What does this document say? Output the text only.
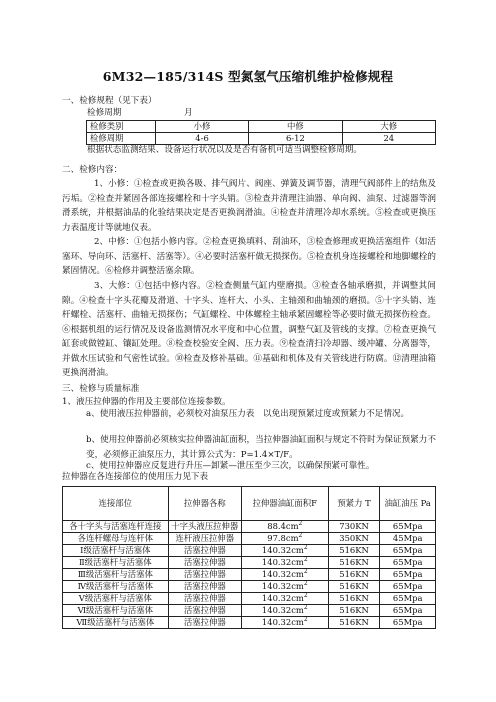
6M32—185/314S 型氮氢气压缩机维护检修规程
一、检修规程（见下表）
检修周期	月
检修类别	小修	中修	大修
检修周期	4-6	6-12	24
根据状态监测结果、设备运行状况以及是否有备机可适当调整检修周期。
二、检修内容：
1、小修：①检查或更换各吸、排气阀片、阀座、弹簧及调节器，清理气阀部件上的结焦及污垢。②检查并紧固各部连接螺栓和十字头销。③检查并清理注油器、单向阀、油泵、过滤器等润滑系统，并根据油品的化验结果决定是否更换润滑油。④检查并清理冷却水系统。⑤检查或更换压力表温度计等就地仪表。
2、中修：①包括小修内容。②检查更换填料、刮油环，③检查修理或更换活塞组件（如活塞环、导向环、活塞杆、活塞等）。④必要时活塞杆做无损探伤。⑤检查机身连接螺栓和地脚螺栓的紧固情况。⑥检修并调整活塞余隙。
3、大修：①包括中修内容。②检查侧量气缸内壁磨损。③检查各轴承磨损，并调整其间隙。④检查十字头花瓣及滑道、十字头、连杆大、小头、主轴颈和曲轴颈的磨损。⑤十字头销、连杆螺栓、活塞杆、曲轴无损探伤；气缸螺栓、中体螺栓主轴承紧固螺栓等必要时做无损探伤检查。⑥根据机组的运行情况及设备监测情况水平度和中心位置，调整气缸及管线的支撑。⑦检查更换气缸套或做镗缸、镶缸处理。⑧检查校验安全阀、压力表。⑨检查清扫冷却器、缓冲罐、分离器等，并做水压试验和气密性试验。⑩检查及修补基础。⑪基础和机体及有关管线进行防腐。⑫清理油箱更换润滑油。
三、检修与质量标准
1、液压拉伸器的作用及主要部位连接参数。
a、使用液压拉伸器前，必须校对油泵压力表　以免出现预紧过度或预紧力不足情况。
b、使用拉伸器前必须核实拉伸器油缸面积，当拉伸器油缸面积与规定不符时为保证预紧力不变，必须修正油泵压力，其计算公式为：P=1.4×T/F。
c、使用拉伸器应反复进行升压—卸紧—泄压至少三次，以确保预紧可靠性。
拉伸器在各连接部位的使用压力见下表
连接部位	拉伸器各称	拉伸器油缸面积F	预紧力 T	油缸油压 Pa
各十字头与活塞连杆连接	十字头液压拉伸器	$88.4cm^2$	730KN	65Mpa
各连杆螺母与连杆体	连杆液压拉伸器	$97.8cm^2$	350KN	45Mpa
Ⅰ级活塞杆与活塞体	活塞拉伸器	$140.32cm^2$	516KN	65Mpa
Ⅱ级活塞杆与活塞体	活塞拉伸器	$140.32cm^2$	516KN	65Mpa
Ⅲ级活塞杆与活塞体	活塞拉伸器	$140.32cm^2$	516KN	65Mpa
Ⅳ级活塞杆与活塞体	活塞拉伸器	$140.32cm^2$	516KN	65Mpa
Ⅴ级活塞杆与活塞体	活塞拉伸器	$140.32cm^2$	516KN	65Mpa
Ⅵ级活塞杆与活塞体	活塞拉伸器	$140.32cm^2$	516KN	65Mpa
Ⅶ级活塞杆与活塞体	活塞拉伸器	$140.32cm^2$	516KN	65Mpa
